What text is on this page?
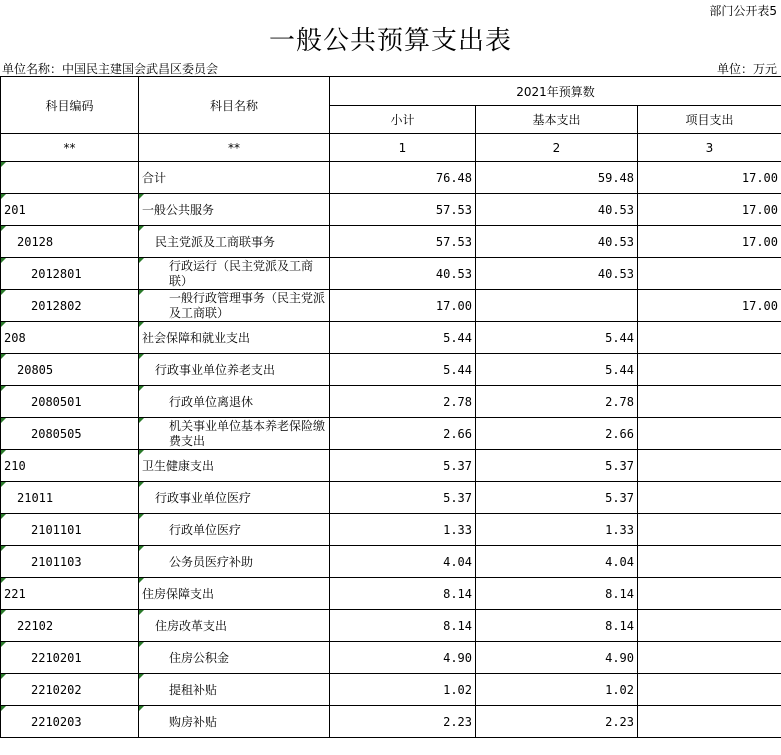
部门公开表5
一般公共预算支出表
单位名称：中国民主建国会武昌区委员会	单位：万元
科目编码	科目名称	2021年预算数		
		小计	基本支出	项目支出
**	**	1	2	3
	合计	76.48	59.48	17.00
201	一般公共服务	57.53	40.53	17.00
20128	民主党派及工商联事务	57.53	40.53	17.00
2012801	行政运行（民主党派及工商联）	40.53	40.53	
2012802	一般行政管理事务（民主党派及工商联）	17.00		17.00
208	社会保障和就业支出	5.44	5.44	
20805	行政事业单位养老支出	5.44	5.44	
2080501	行政单位离退休	2.78	2.78	
2080505	机关事业单位基本养老保险缴费支出	2.66	2.66	
210	卫生健康支出	5.37	5.37	
21011	行政事业单位医疗	5.37	5.37	
2101101	行政单位医疗	1.33	1.33	
2101103	公务员医疗补助	4.04	4.04	
221	住房保障支出	8.14	8.14	
22102	住房改革支出	8.14	8.14	
2210201	住房公积金	4.90	4.90	
2210202	提租补贴	1.02	1.02	
2210203	购房补贴	2.23	2.23	
